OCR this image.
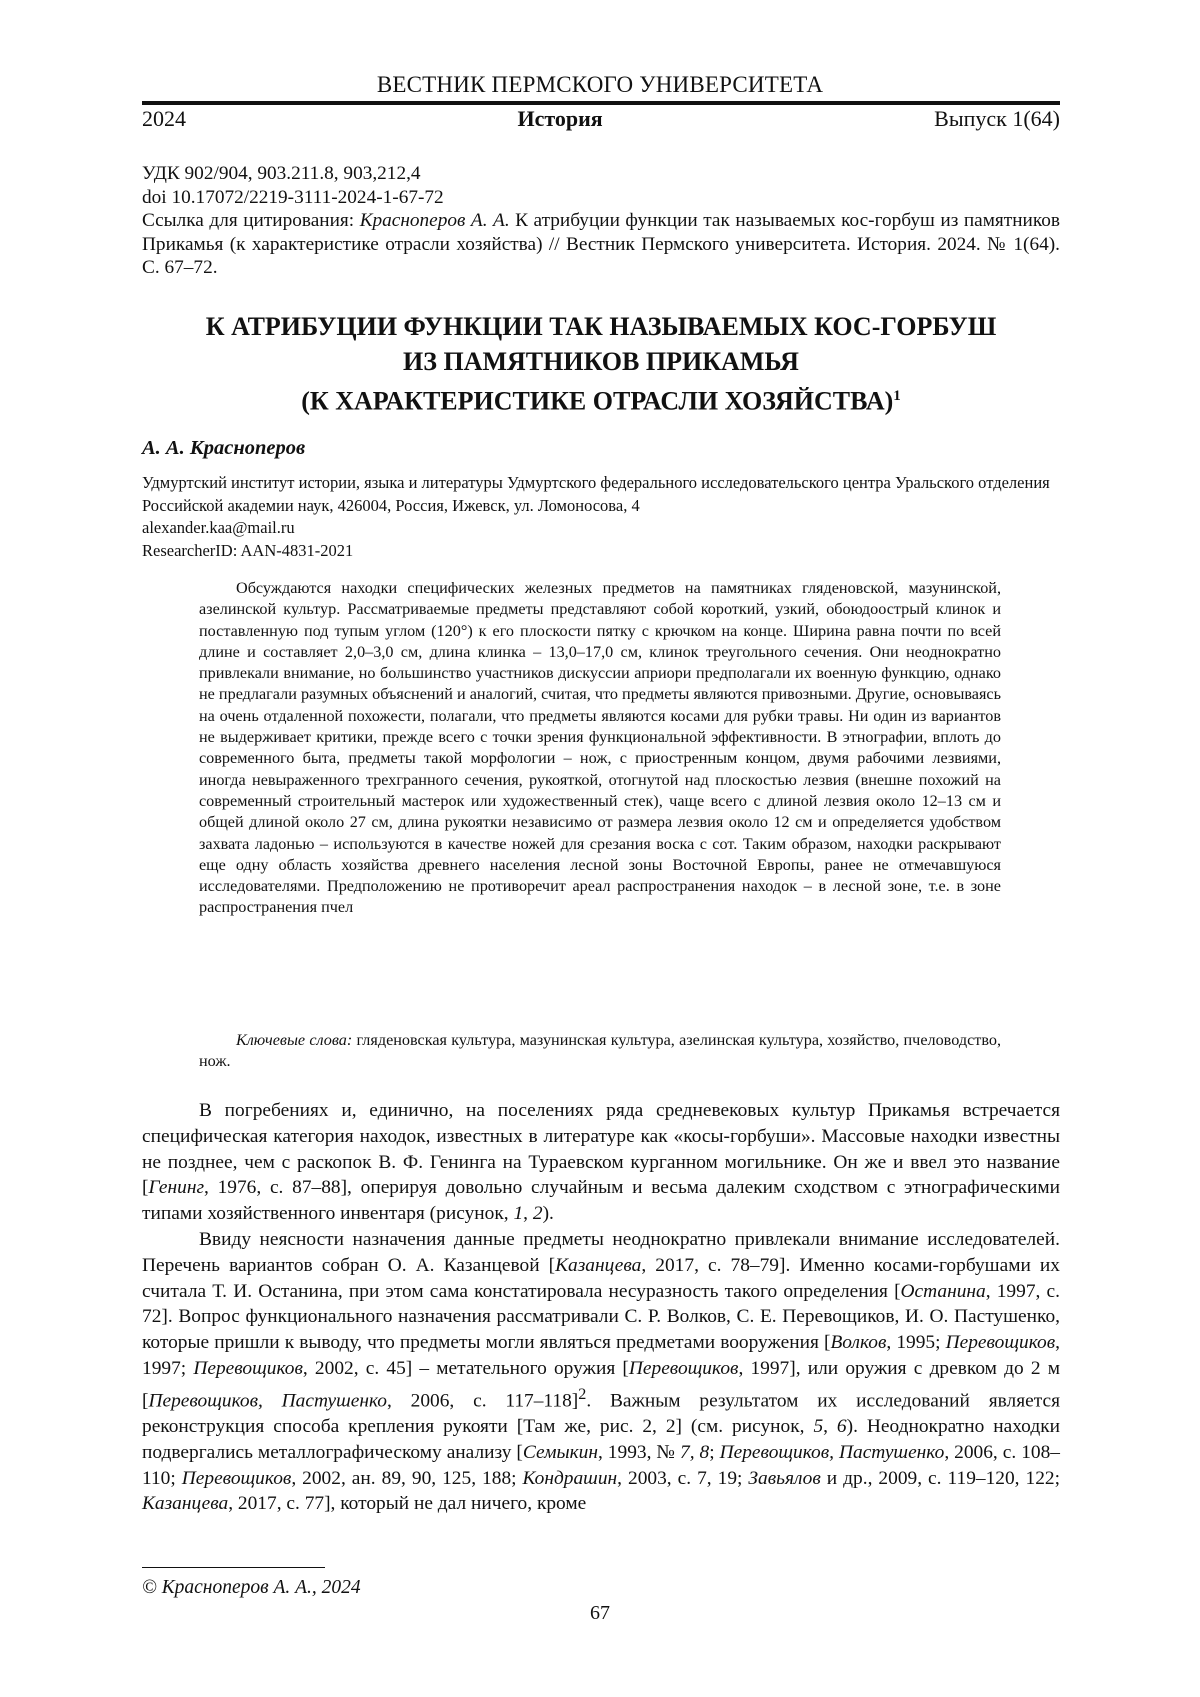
ВЕСТНИК ПЕРМСКОГО УНИВЕРСИТЕТА
2024	История	Выпуск 1(64)

УДК 902/904, 903.211.8, 903,212,4

doi 10.17072/2219-3111-2024-1-67-72

Ссылка для цитирования: Красноперов А. А. К атрибуции функции так называемых кос-горбуш из памятников Прикамья (к характеристике отрасли хозяйства) // Вестник Пермского университета. История. 2024. № 1(64). С. 67–72.

К АТРИБУЦИИ ФУНКЦИИ ТАК НАЗЫВАЕМЫХ КОС-ГОРБУШ
ИЗ ПАМЯТНИКОВ ПРИКАМЬЯ
(К ХАРАКТЕРИСТИКЕ ОТРАСЛИ ХОЗЯЙСТВА)$^1$
А. А. Красноперов

Удмуртский институт истории, языка и литературы Удмуртского федерального исследовательского центра Уральского отделения Российской академии наук, 426004, Россия, Ижевск, ул. Ломоносова, 4

alexander.kaa@mail.ru

ResearcherID: AAN-4831-2021

Обсуждаются находки специфических железных предметов на памятниках гляденовской, мазунинской, азелинской культур. Рассматриваемые предметы представляют собой короткий, узкий, обоюдоострый клинок и поставленную под тупым углом (120°) к его плоскости пятку с крючком на конце. Ширина равна почти по всей длине и составляет 2,0–3,0 см, длина клинка – 13,0–17,0 см, клинок треугольного сечения. Они неоднократно привлекали внимание, но большинство участников дискуссии априори предполагали их военную функцию, однако не предлагали разумных объяснений и аналогий, считая, что предметы являются привозными. Другие, основываясь на очень отдаленной похожести, полагали, что предметы являются косами для рубки травы. Ни один из вариантов не выдерживает критики, прежде всего с точки зрения функциональной эффективности. В этнографии, вплоть до современного быта, предметы такой морфологии – нож, с приостренным концом, двумя рабочими лезвиями, иногда невыраженного трехгранного сечения, рукояткой, отогнутой над плоскостью лезвия (внешне похожий на современный строительный мастерок или художественный стек), чаще всего с длиной лезвия около 12–13 см и общей длиной около 27 см, длина рукоятки независимо от размера лезвия около 12 см и определяется удобством захвата ладонью – используются в качестве ножей для срезания воска с сот. Таким образом, находки раскрывают еще одну область хозяйства древнего населения лесной зоны Восточной Европы, ранее не отмечавшуюся исследователями. Предположению не противоречит ареал распространения находок – в лесной зоне, т.е. в зоне распространения пчел

Ключевые слова: гляденовская культура, мазунинская культура, азелинская культура, хозяйство, пчеловодство, нож.

В погребениях и, единично, на поселениях ряда средневековых культур Прикамья встречается специфическая категория находок, известных в литературе как «косы-горбуши». Массовые находки известны не позднее, чем с раскопок В. Ф. Генинга на Тураевском курганном могильнике. Он же и ввел это название [Генинг, 1976, с. 87–88], оперируя довольно случайным и весьма далеким сходством с этнографическими типами хозяйственного инвентаря (рисунок, 1, 2).

Ввиду неясности назначения данные предметы неоднократно привлекали внимание исследователей. Перечень вариантов собран О. А. Казанцевой [Казанцева, 2017, с. 78–79]. Именно косами-горбушами их считала Т. И. Останина, при этом сама констатировала несуразность такого определения [Останина, 1997, с. 72]. Вопрос функционального назначения рассматривали С. Р. Волков, С. Е. Перевощиков, И. О. Пастушенко, которые пришли к выводу, что предметы могли являться предметами вооружения [Волков, 1995; Перевощиков, 1997; Перевощиков, 2002, с. 45] – метательного оружия [Перевощиков, 1997], или оружия с древком до 2 м [Перевощиков, Пастушенко, 2006, с. 117–118]$^2$. Важным результатом их исследований является реконструкция способа крепления рукояти [Там же, рис. 2, 2] (см. рисунок, 5, 6). Неоднократно находки подвергались металлографическому анализу [Семыкин, 1993, № 7, 8; Перевощиков, Пастушенко, 2006, с. 108–110; Перевощиков, 2002, ан. 89, 90, 125, 188; Кондрашин, 2003, с. 7, 19; Завьялов и др., 2009, с. 119–120, 122; Казанцева, 2017, с. 77], который не дал ничего, кроме

© Красноперов А. А., 2024
67
